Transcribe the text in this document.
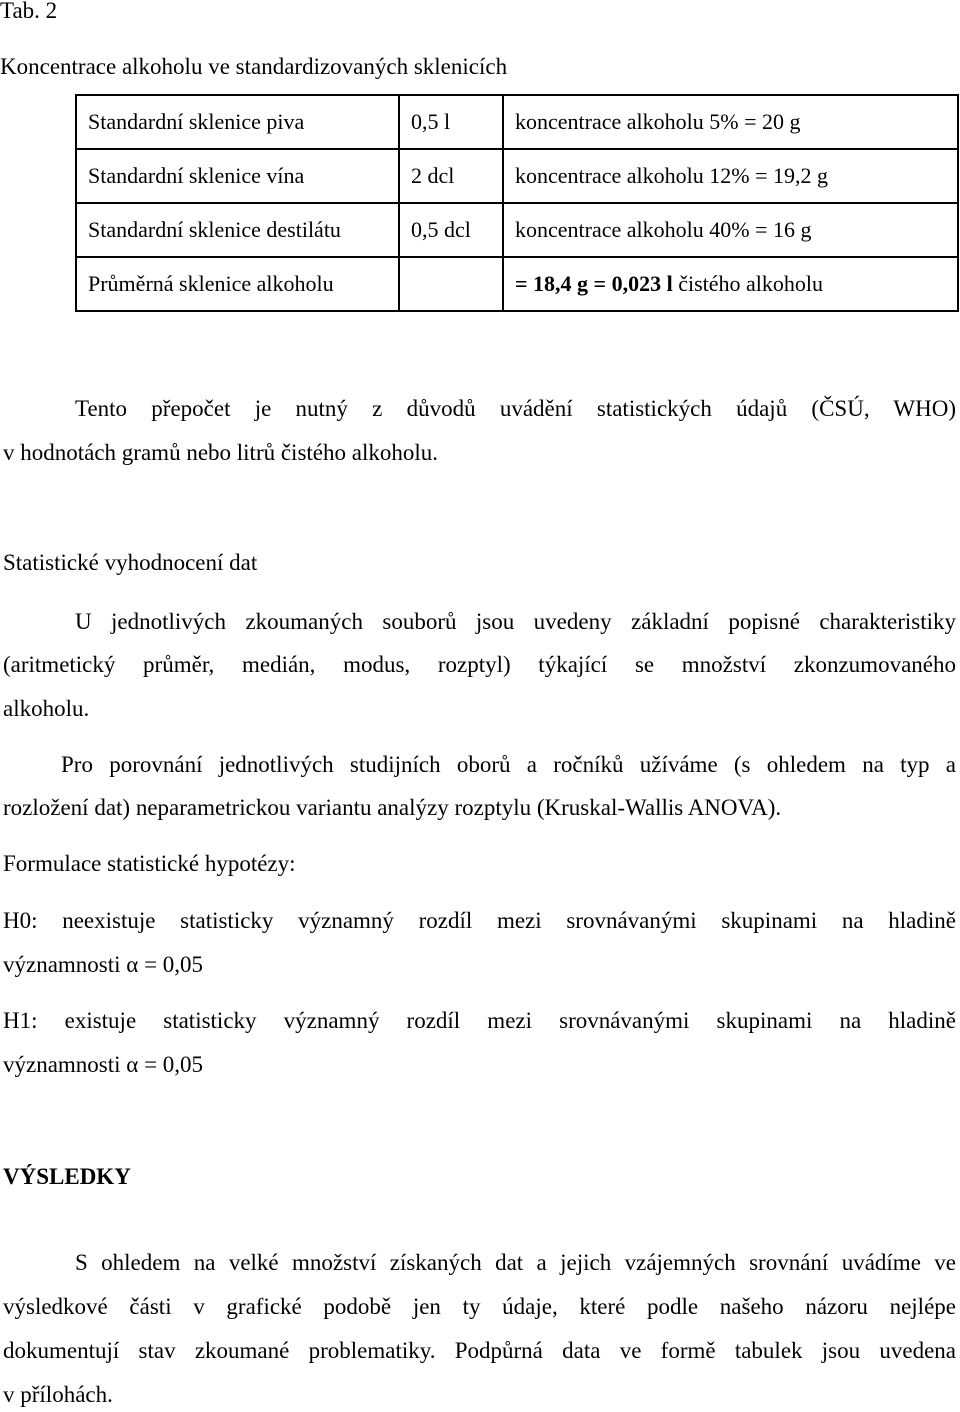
Tab. 2
Koncentrace alkoholu ve standardizovaných sklenicích
Standardní sklenice piva	0,5 l	koncentrace alkoholu 5% = 20 g
Standardní sklenice vína	2 dcl	koncentrace alkoholu 12% = 19,2 g
Standardní sklenice destilátu	0,5 dcl	koncentrace alkoholu 40% = 16 g
Průměrná sklenice alkoholu		= 18,4 g = 0,023 l čistého alkoholu
Tento přepočet je nutný z důvodů uvádění statistických údajů (ČSÚ, WHO)
v hodnotách gramů nebo litrů čistého alkoholu.
Statistické vyhodnocení dat
U jednotlivých zkoumaných souborů jsou uvedeny základní popisné charakteristiky
(aritmetický průměr, medián, modus, rozptyl) týkající se množství zkonzumovaného
alkoholu.
Pro porovnání jednotlivých studijních oborů a ročníků užíváme (s ohledem na typ a
rozložení dat) neparametrickou variantu analýzy rozptylu (Kruskal-Wallis ANOVA).
Formulace statistické hypotézy:
H0: neexistuje statisticky významný rozdíl mezi srovnávanými skupinami na hladině
významnosti α = 0,05
H1: existuje statisticky významný rozdíl mezi srovnávanými skupinami na hladině
významnosti α = 0,05
VÝSLEDKY
S ohledem na velké množství získaných dat a jejich vzájemných srovnání uvádíme ve
výsledkové části v grafické podobě jen ty údaje, které podle našeho názoru nejlépe
dokumentují stav zkoumané problematiky. Podpůrná data ve formě tabulek jsou uvedena
v přílohách.
